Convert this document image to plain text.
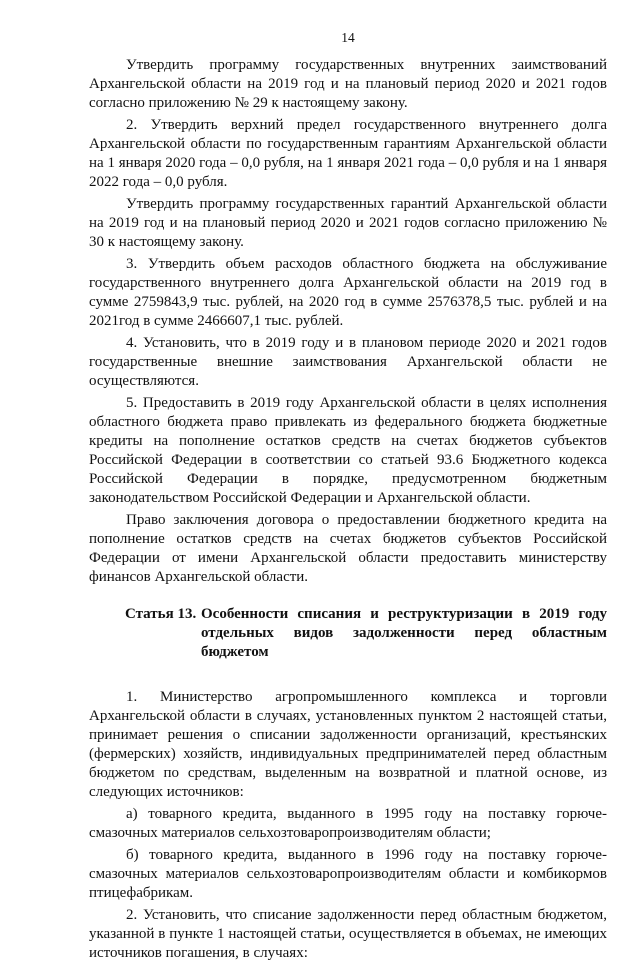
14

Утвердить программу государственных внутренних заимствований Архангельской области на 2019 год и на плановый период 2020 и 2021 годов согласно приложению № 29 к настоящему закону.

2. Утвердить верхний предел государственного внутреннего долга Архангельской области по государственным гарантиям Архангельской области на 1 января 2020 года – 0,0 рубля, на 1 января 2021 года – 0,0 рубля и на 1 января 2022 года – 0,0 рубля.

Утвердить программу государственных гарантий Архангельской области на 2019 год и на плановый период 2020 и 2021 годов согласно приложению № 30 к настоящему закону.

3. Утвердить объем расходов областного бюджета на обслуживание государственного внутреннего долга Архангельской области на 2019 год в сумме 2759843,9 тыс. рублей, на 2020 год в сумме 2576378,5 тыс. рублей и на 2021год в сумме 2466607,1 тыс. рублей.

4. Установить, что в 2019 году и в плановом периоде 2020 и 2021 годов государственные внешние заимствования Архангельской области не осуществляются.

5. Предоставить в 2019 году Архангельской области в целях исполнения областного бюджета право привлекать из федерального бюджета бюджетные кредиты на пополнение остатков средств на счетах бюджетов субъектов Российской Федерации в соответствии со статьей 93.6 Бюджетного кодекса Российской Федерации в порядке, предусмотренном бюджетным законодательством Российской Федерации и Архангельской области.

Право заключения договора о предоставлении бюджетного кредита на пополнение остатков средств на счетах бюджетов субъектов Российской Федерации от имени Архангельской области предоставить министерству финансов Архангельской области.

Статья 13. Особенности списания и реструктуризации в 2019 году отдельных видов задолженности перед областным бюджетом

1. Министерство агропромышленного комплекса и торговли Архангельской области в случаях, установленных пунктом 2 настоящей статьи, принимает решения о списании задолженности организаций, крестьянских (фермерских) хозяйств, индивидуальных предпринимателей перед областным бюджетом по средствам, выделенным на возвратной и платной основе, из следующих источников:

а) товарного кредита, выданного в 1995 году на поставку горюче-смазочных материалов сельхозтоваропроизводителям области;

б) товарного кредита, выданного в 1996 году на поставку горюче-смазочных материалов сельхозтоваропроизводителям области и комбикормов птицефабрикам.

2. Установить, что списание задолженности перед областным бюджетом, указанной в пункте 1 настоящей статьи, осуществляется в объемах, не имеющих источников погашения, в случаях:
